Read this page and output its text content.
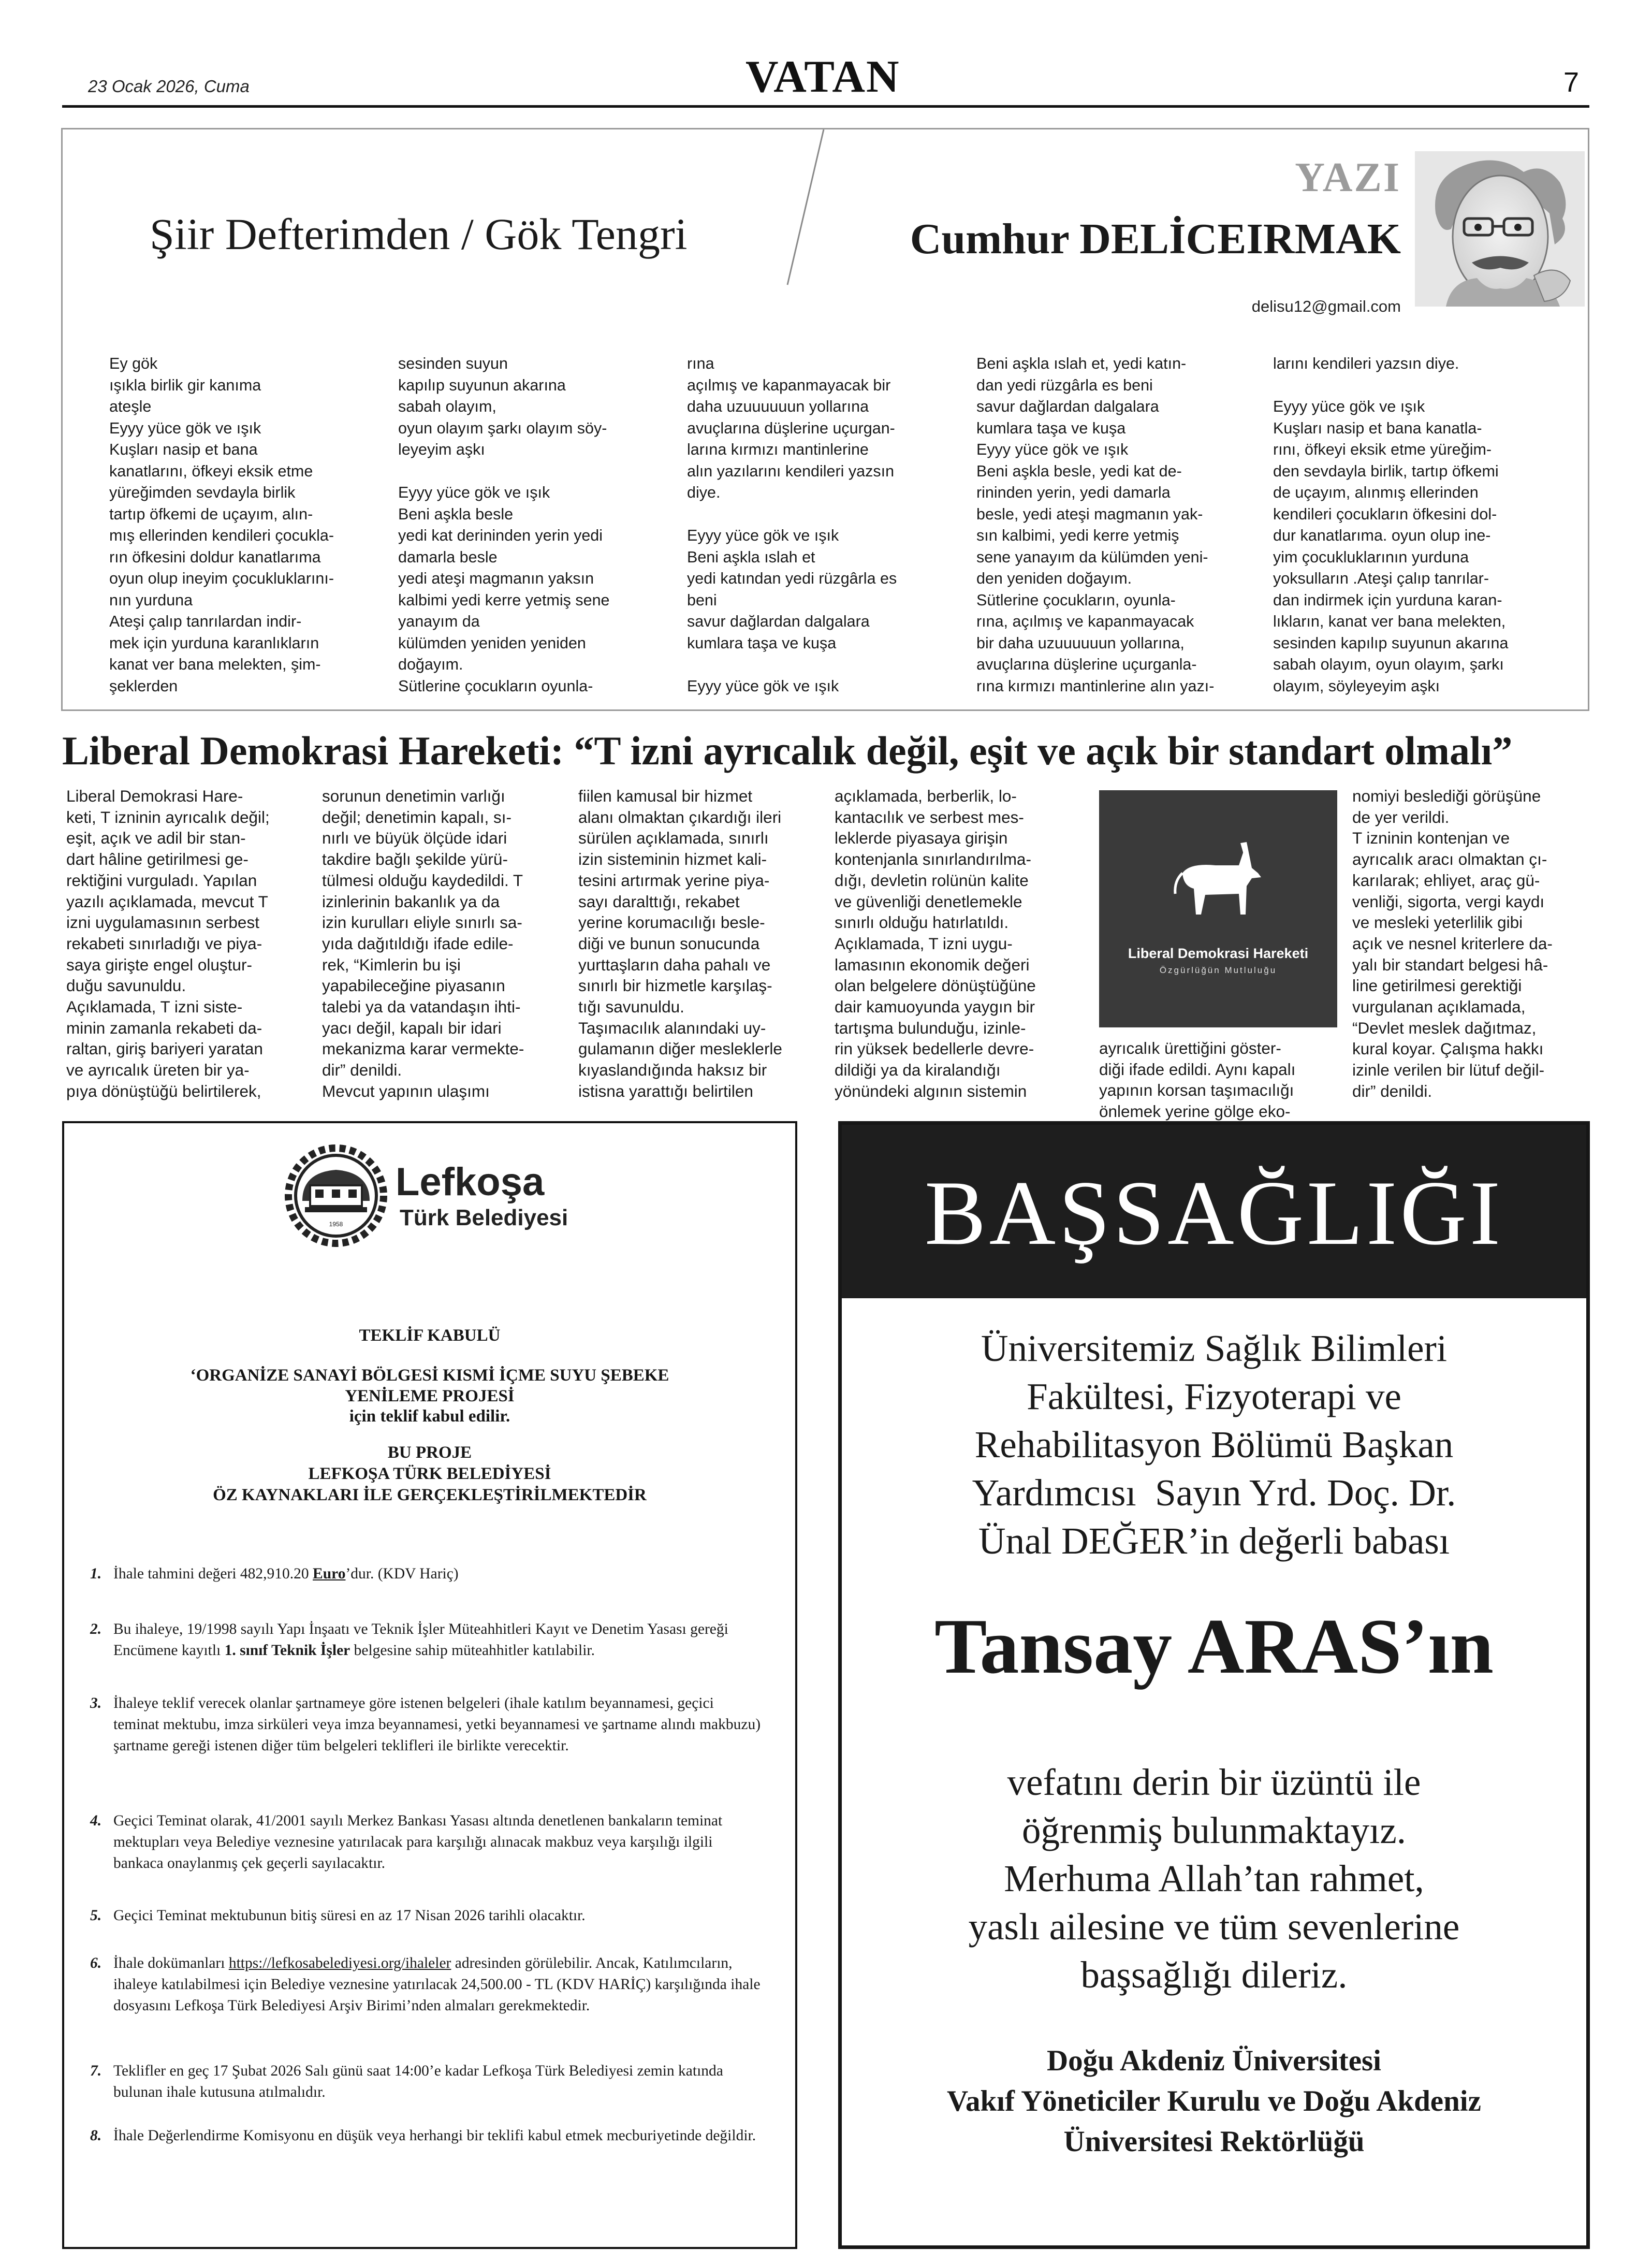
23 Ocak 2026, Cuma	VATAN	7
Şiir Defterimden / Gök Tengri
YAZI
Cumhur DELİCEIRMAK
delisu12@gmail.com
Ey gök
ışıkla birlik gir kanıma
ateşle
Eyyy yüce gök ve ışık
Kuşları nasip et bana
kanatlarını, öfkeyi eksik etme
yüreğimden sevdayla birlik
tartıp öfkemi de uçayım, alın-
mış ellerinden kendileri çocukla-
rın öfkesini doldur kanatlarıma
oyun olup ineyim çocukluklarını-
nın yurduna
Ateşi çalıp tanrılardan indir-
mek için yurduna karanlıkların
kanat ver bana melekten, şim-
şeklerden
sesinden suyun
kapılıp suyunun akarına
sabah olayım,
oyun olayım şarkı olayım söy-
leyeyim aşkı

Eyyy yüce gök ve ışık
Beni aşkla besle
yedi kat derininden yerin yedi
damarla besle
yedi ateşi magmanın yaksın
kalbimi yedi kerre yetmiş sene
yanayım da
külümden yeniden yeniden
doğayım.
Sütlerine çocukların oyunla-
rına
açılmış ve kapanmayacak bir
daha uzuuuuuun yollarına
avuçlarına düşlerine uçurgan-
larına kırmızı mantinlerine
alın yazılarını kendileri yazsın
diye.

Eyyy yüce gök ve ışık
Beni aşkla ıslah et
yedi katından yedi rüzgârla es
beni
savur dağlardan dalgalara
kumlara taşa ve kuşa

Eyyy yüce gök ve ışık
Beni aşkla ıslah et, yedi katın-
dan yedi rüzgârla es beni
savur dağlardan dalgalara
kumlara taşa ve kuşa
Eyyy yüce gök ve ışık
Beni aşkla besle, yedi kat de-
rininden yerin, yedi damarla
besle, yedi ateşi magmanın yak-
sın kalbimi, yedi kerre yetmiş
sene yanayım da külümden yeni-
den yeniden doğayım.
Sütlerine çocukların, oyunla-
rına, açılmış ve kapanmayacak
bir daha uzuuuuuun yollarına,
avuçlarına düşlerine uçurganla-
rına kırmızı mantinlerine alın yazı-
larını kendileri yazsın diye.

Eyyy yüce gök ve ışık
Kuşları nasip et bana kanatla-
rını, öfkeyi eksik etme yüreğim-
den sevdayla birlik, tartıp öfkemi
de uçayım, alınmış ellerinden
kendileri çocukların öfkesini dol-
dur kanatlarıma. oyun olup ine-
yim çocukluklarının yurduna
yoksulların .Ateşi çalıp tanrılar-
dan indirmek için yurduna karan-
lıkların, kanat ver bana melekten,
sesinden kapılıp suyunun akarına
sabah olayım, oyun olayım, şarkı
olayım, söyleyeyim aşkı
Liberal Demokrasi Hareketi: “T izni ayrıcalık değil, eşit ve açık bir standart olmalı”
Liberal Demokrasi Hare-
keti, T izninin ayrıcalık değil;
eşit, açık ve adil bir stan-
dart hâline getirilmesi ge-
rektiğini vurguladı. Yapılan
yazılı açıklamada, mevcut T
izni uygulamasının serbest
rekabeti sınırladığı ve piya-
saya girişte engel oluştur-
duğu savunuldu.
Açıklamada, T izni siste-
minin zamanla rekabeti da-
raltan, giriş bariyeri yaratan
ve ayrıcalık üreten bir ya-
pıya dönüştüğü belirtilerek,
sorunun denetimin varlığı
değil; denetimin kapalı, sı-
nırlı ve büyük ölçüde idari
takdire bağlı şekilde yürü-
tülmesi olduğu kaydedildi. T
izinlerinin bakanlık ya da
izin kurulları eliyle sınırlı sa-
yıda dağıtıldığı ifade edile-
rek, “Kimlerin bu işi
yapabileceğine piyasanın
talebi ya da vatandaşın ihti-
yacı değil, kapalı bir idari
mekanizma karar vermekte-
dir” denildi.
Mevcut yapının ulaşımı
fiilen kamusal bir hizmet
alanı olmaktan çıkardığı ileri
sürülen açıklamada, sınırlı
izin sisteminin hizmet kali-
tesini artırmak yerine piya-
sayı daralttığı, rekabet
yerine korumacılığı besle-
diği ve bunun sonucunda
yurttaşların daha pahalı ve
sınırlı bir hizmetle karşılaş-
tığı savunuldu.
Taşımacılık alanındaki uy-
gulamanın diğer mesleklerle
kıyaslandığında haksız bir
istisna yarattığı belirtilen
açıklamada, berberlik, lo-
kantacılık ve serbest mes-
leklerde piyasaya girişin
kontenjanla sınırlandırılma-
dığı, devletin rolünün kalite
ve güvenliği denetlemekle
sınırlı olduğu hatırlatıldı.
Açıklamada, T izni uygu-
lamasının ekonomik değeri
olan belgelere dönüştüğüne
dair kamuoyunda yaygın bir
tartışma bulunduğu, izinle-
rin yüksek bedellerle devre-
dildiği ya da kiralandığı
yönündeki algının sistemin
ayrıcalık ürettiğini göster-
diği ifade edildi. Aynı kapalı
yapının korsan taşımacılığı
önlemek yerine gölge eko-
nomiyi beslediği görüşüne
de yer verildi.
T izninin kontenjan ve
ayrıcalık aracı olmaktan çı-
karılarak; ehliyet, araç gü-
venliği, sigorta, vergi kaydı
ve mesleki yeterlilik gibi
açık ve nesnel kriterlere da-
yalı bir standart belgesi hâ-
line getirilmesi gerektiği
vurgulanan açıklamada,
“Devlet meslek dağıtmaz,
kural koyar. Çalışma hakkı
izinle verilen bir lütuf değil-
dir” denildi.
Liberal Demokrasi Hareketi
Özgürlüğün Mutluluğu
1958
Lefkoşa
Türk Belediyesi
TEKLİF KABULÜ
‘ORGANİZE SANAYİ BÖLGESİ KISMİ İÇME SUYU ŞEBEKE YENİLEME PROJESİ
için teklif kabul edilir.
BU PROJE
LEFKOŞA TÜRK BELEDİYESİ
ÖZ KAYNAKLARI İLE GERÇEKLEŞTİRİLMEKTEDİR
1. İhale tahmini değeri 482,910.20 Euro’dur. (KDV Hariç)
2. Bu ihaleye, 19/1998 sayılı Yapı İnşaatı ve Teknik İşler Müteahhitleri Kayıt ve Denetim Yasası gereği Encümene kayıtlı 1. sınıf Teknik İşler belgesine sahip müteahhitler katılabilir.
3. İhaleye teklif verecek olanlar şartnameye göre istenen belgeleri (ihale katılım beyannamesi, geçici teminat mektubu, imza sirküleri veya imza beyannamesi, yetki beyannamesi ve şartname alındı makbuzu) şartname gereği istenen diğer tüm belgeleri teklifleri ile birlikte verecektir.
4. Geçici Teminat olarak, 41/2001 sayılı Merkez Bankası Yasası altında denetlenen bankaların teminat mektupları veya Belediye veznesine yatırılacak para karşılığı alınacak makbuz veya karşılığı ilgili bankaca onaylanmış çek geçerli sayılacaktır.
5. Geçici Teminat mektubunun bitiş süresi en az 17 Nisan 2026 tarihli olacaktır.
6. İhale dokümanları https://lefkosabelediyesi.org/ihaleler adresinden görülebilir. Ancak, Katılımcıların, ihaleye katılabilmesi için Belediye veznesine yatırılacak 24,500.00 - TL (KDV HARİÇ) karşılığında ihale dosyasını Lefkoşa Türk Belediyesi Arşiv Birimi’nden almaları gerekmektedir.
7. Teklifler en geç 17 Şubat 2026 Salı günü saat 14:00’e kadar Lefkoşa Türk Belediyesi zemin katında bulunan ihale kutusuna atılmalıdır.
8. İhale Değerlendirme Komisyonu en düşük veya herhangi bir teklifi kabul etmek mecburiyetinde değildir.
BAŞSAĞLIĞI
Üniversitemiz Sağlık Bilimleri
Fakültesi, Fizyoterapi ve
Rehabilitasyon Bölümü Başkan
Yardımcısı  Sayın Yrd. Doç. Dr.
Ünal DEĞER’in değerli babası
Tansay ARAS’ın
vefatını derin bir üzüntü ile
öğrenmiş bulunmaktayız.
Merhuma Allah’tan rahmet,
yaslı ailesine ve tüm sevenlerine
başsağlığı dileriz.
Doğu Akdeniz Üniversitesi
Vakıf Yöneticiler Kurulu ve Doğu Akdeniz
Üniversitesi Rektörlüğü
